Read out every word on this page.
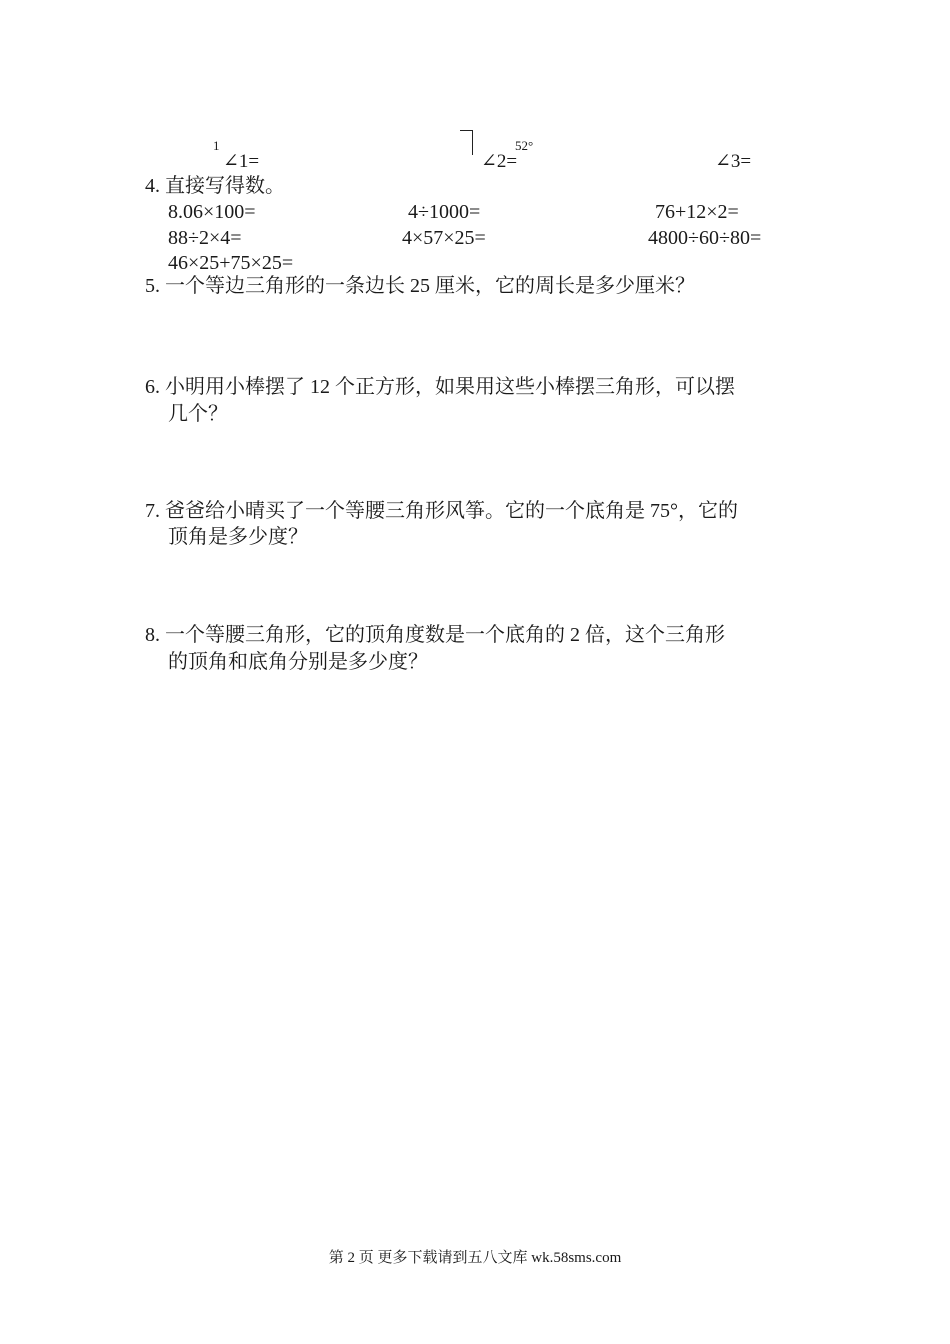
1
∠1=
52°
∠2=	∠3=
4. 直接写得数。
8.06×100=	4÷1000=	76+12×2=
88÷2×4=	4×57×25=	4800÷60÷80=
46×25+75×25=
5. 一个等边三角形的一条边长 25 厘米，它的周长是多少厘米？
6. 小明用小棒摆了 12 个正方形，如果用这些小棒摆三角形，可以摆
几个？
7. 爸爸给小晴买了一个等腰三角形风筝。它的一个底角是 75°，它的
顶角是多少度？
8. 一个等腰三角形，它的顶角度数是一个底角的 2 倍，这个三角形
的顶角和底角分别是多少度？
第 2 页 更多下载请到五八文库 wk.58sms.com
